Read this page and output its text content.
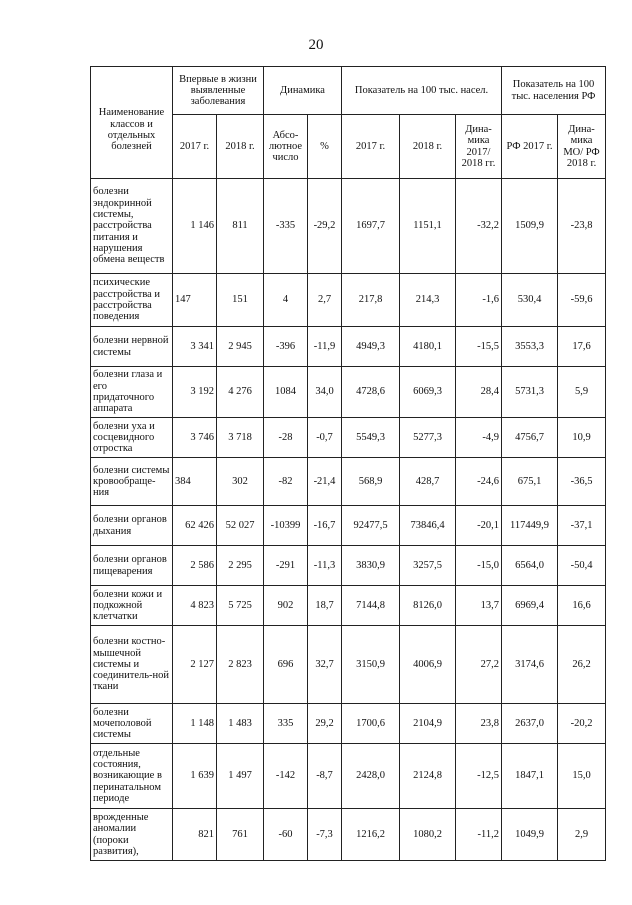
20
Наименование классов и отдельных болезней	Впервые в жизни выявленные заболевания		Динамика		Показатель на 100 тыс. насел.			Показатель на 100 тыс. населения РФ	
	2017 г.	2018 г.	Абсо-лютное число	%	2017 г.	2018 г.	Дина-мика 2017/ 2018 гг.	РФ 2017 г.	Дина-мика МО/ РФ 2018 г.
болезни эндокринной системы, расстройства питания и нарушения обмена веществ	1 146	811	-335	-29,2	1697,7	1151,1	-32,2	1509,9	-23,8
психические расстройства и расстройства поведения	147	151	4	2,7	217,8	214,3	-1,6	530,4	-59,6
болезни нервной системы	3 341	2 945	-396	-11,9	4949,3	4180,1	-15,5	3553,3	17,6
болезни глаза и его придаточного аппарата	3 192	4 276	1084	34,0	4728,6	6069,3	28,4	5731,3	5,9
болезни уха и сосцевидного отростка	3 746	3 718	-28	-0,7	5549,3	5277,3	-4,9	4756,7	10,9
болезни системы кровообраще-ния	384	302	-82	-21,4	568,9	428,7	-24,6	675,1	-36,5
болезни органов дыхания	62 426	52 027	-10399	-16,7	92477,5	73846,4	-20,1	117449,9	-37,1
болезни органов пищеварения	2 586	2 295	-291	-11,3	3830,9	3257,5	-15,0	6564,0	-50,4
болезни кожи и подкожной клетчатки	4 823	5 725	902	18,7	7144,8	8126,0	13,7	6969,4	16,6
болезни костно-мышечной системы и соединитель-ной ткани	2 127	2 823	696	32,7	3150,9	4006,9	27,2	3174,6	26,2
болезни мочеполовой системы	1 148	1 483	335	29,2	1700,6	2104,9	23,8	2637,0	-20,2
отдельные состояния, возникающие в перинатальном периоде	1 639	1 497	-142	-8,7	2428,0	2124,8	-12,5	1847,1	15,0
врожденные аномалии (пороки развития),	821	761	-60	-7,3	1216,2	1080,2	-11,2	1049,9	2,9
